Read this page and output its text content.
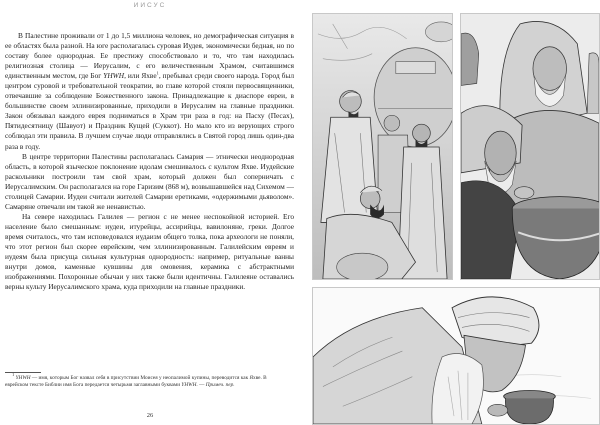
ИИСУС

В Палестине проживали от 1 до 1,5 миллиона человек, но демографическая ситуация в ее областях была разной. На юге располагалась суровая Иудея, экономически бедная, но по составу более однородная. Ее престижу способствовало и то, что там находилась религиозная столица — Иерусалим, с его величественным Храмом, считавшимся единственным местом, где Бог YHWH, или Яхве$^1$, пребывал среди своего народа. Город был центром суровой и требовательной теократии, во главе которой стояли первосвященники, отвечавшие за соблюдение Божественного закона. Принадлежащие к диаспоре евреи, в большинстве своем эллинизированные, приходили в Иерусалим на главные праздники. Закон обязывал каждого еврея подниматься в Храм три раза в год: на Пасху (Песах), Пятидесятницу (Шавуот) и Праздник Кущей (Суккот). Но мало кто из верующих строго соблюдал эти правила. В лучшем случае люди отправлялись в Святой город лишь один-два раза в году.

В центре территории Палестины располагалась Самария — этнически неоднородная область, в которой языческое поклонение идолам смешивалось с культом Яхве. Иудейские раскольники построили там свой храм, который должен был соперничать с Иерусалимским. Он располагался на горе Гаризим (868 м), возвышавшейся над Сихемом — столицей Самарии. Иудеи считали жителей Самарии еретиками, «одержимыми дьяволом». Самаряне отвечали им такой же ненавистью.

На севере находилась Галилея — регион с не менее неспокойной историей. Его население было смешанным: иудеи, итурейцы, ассирийцы, вавилоняне, греки. Долгое время считалось, что там исповедовался иудаизм общего толка, пока археологи не поняли, что этот регион был скорее еврейским, чем эллинизированным. Галилейским евреям и иудеям была присуща сильная культурная однородность: например, ритуальные ванны внутри домов, каменные кувшины для омовения, керамика с абстрактными изображениями. Похоронные обычаи у них также были идентичны. Галилеяне оставались верны культу Иерусалимского храма, куда приходили на главные праздники.

$^1$ YHWH — имя, которым Бог назвал себя в присутствии Моисея у неопалимой купины, переводится как Яхве. В еврейском тексте Библии имя Бога передается четырьмя заглавными буквами YHWH. — Примеч. пер.
26
